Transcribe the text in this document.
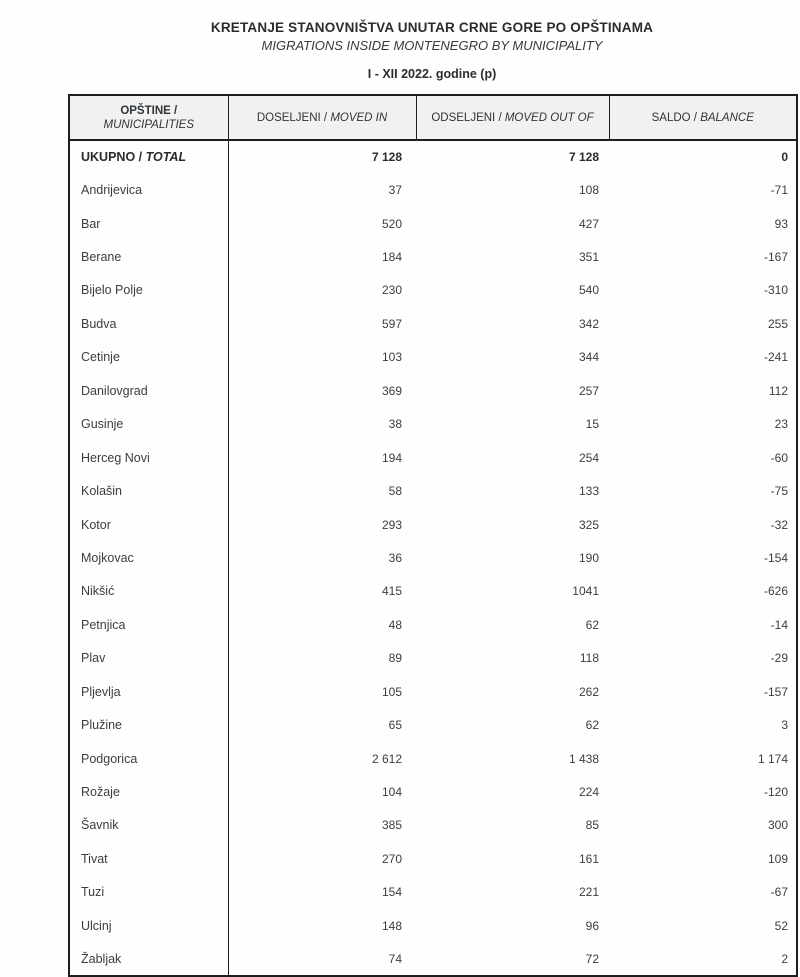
KRETANJE STANOVNIŠTVA UNUTAR CRNE GORE PO OPŠTINAMA
MIGRATIONS INSIDE MONTENEGRO BY MUNICIPALITY
I - XII 2022. godine (p)
OPŠTINE /
MUNICIPALITIES	DOSELJENI / MOVED IN	ODSELJENI / MOVED OUT OF	SALDO / BALANCE
UKUPNO / TOTAL	7 128	7 128	0
Andrijevica	37	108	-71
Bar	520	427	93
Berane	184	351	-167
Bijelo Polje	230	540	-310
Budva	597	342	255
Cetinje	103	344	-241
Danilovgrad	369	257	112
Gusinje	38	15	23
Herceg Novi	194	254	-60
Kolašin	58	133	-75
Kotor	293	325	-32
Mojkovac	36	190	-154
Nikšić	415	1041	-626
Petnjica	48	62	-14
Plav	89	118	-29
Pljevlja	105	262	-157
Plužine	65	62	3
Podgorica	2 612	1 438	1 174
Rožaje	104	224	-120
Šavnik	385	85	300
Tivat	270	161	109
Tuzi	154	221	-67
Ulcinj	148	96	52
Žabljak	74	72	2
